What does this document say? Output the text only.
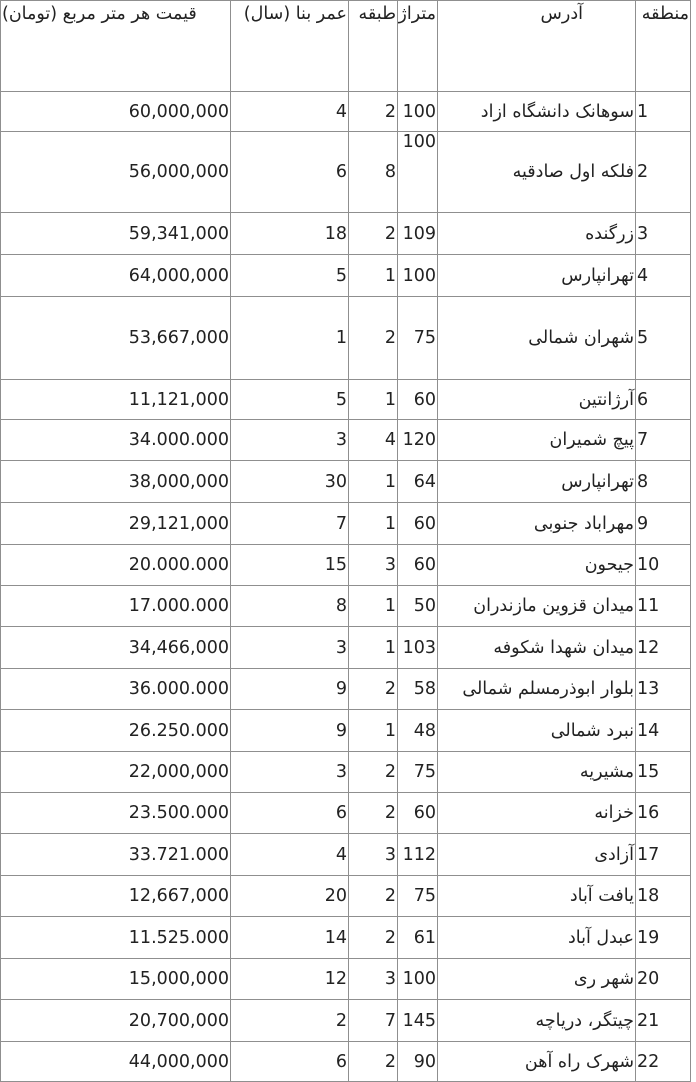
منطقه	آدرس	متراژ	طبقه	عمر بنا (سال)	قیمت هر متر مربع (تومان)
1	سوهانک دانشگاه ازاد	100	2	4	60,000,000
2	فلکه اول صادقیه	100	8	6	56,000,000
3	زرگنده	109	2	18	59,341,000
4	تهرانپارس	100	1	5	64,000,000
5	شهران شمالی	75	2	1	53,667,000
6	آرژانتین	60	1	5	11,121,000
7	پیچ شمیران	120	4	3	34.000.000
8	تهرانپارس	64	1	30	38,000,000
9	مهراباد جنوبی	60	1	7	29,121,000
10	جیحون	60	3	15	20.000.000
11	میدان قزوین مازندران	50	1	8	17.000.000
12	میدان شهدا شکوفه	103	1	3	34,466,000
13	بلوار ابوذرمسلم شمالی	58	2	9	36.000.000
14	نبرد شمالی	48	1	9	26.250.000
15	مشیریه	75	2	3	22,000,000
16	خزانه	60	2	6	23.500.000
17	آزادی	112	3	4	33.721.000
18	یافت آباد	75	2	20	12,667,000
19	عبدل آباد	61	2	14	11.525.000
20	شهر ری	100	3	12	15,000,000
21	چیتگر، دریاچه	145	7	2	20,700,000
22	شهرک راه آهن	90	2	6	44,000,000
